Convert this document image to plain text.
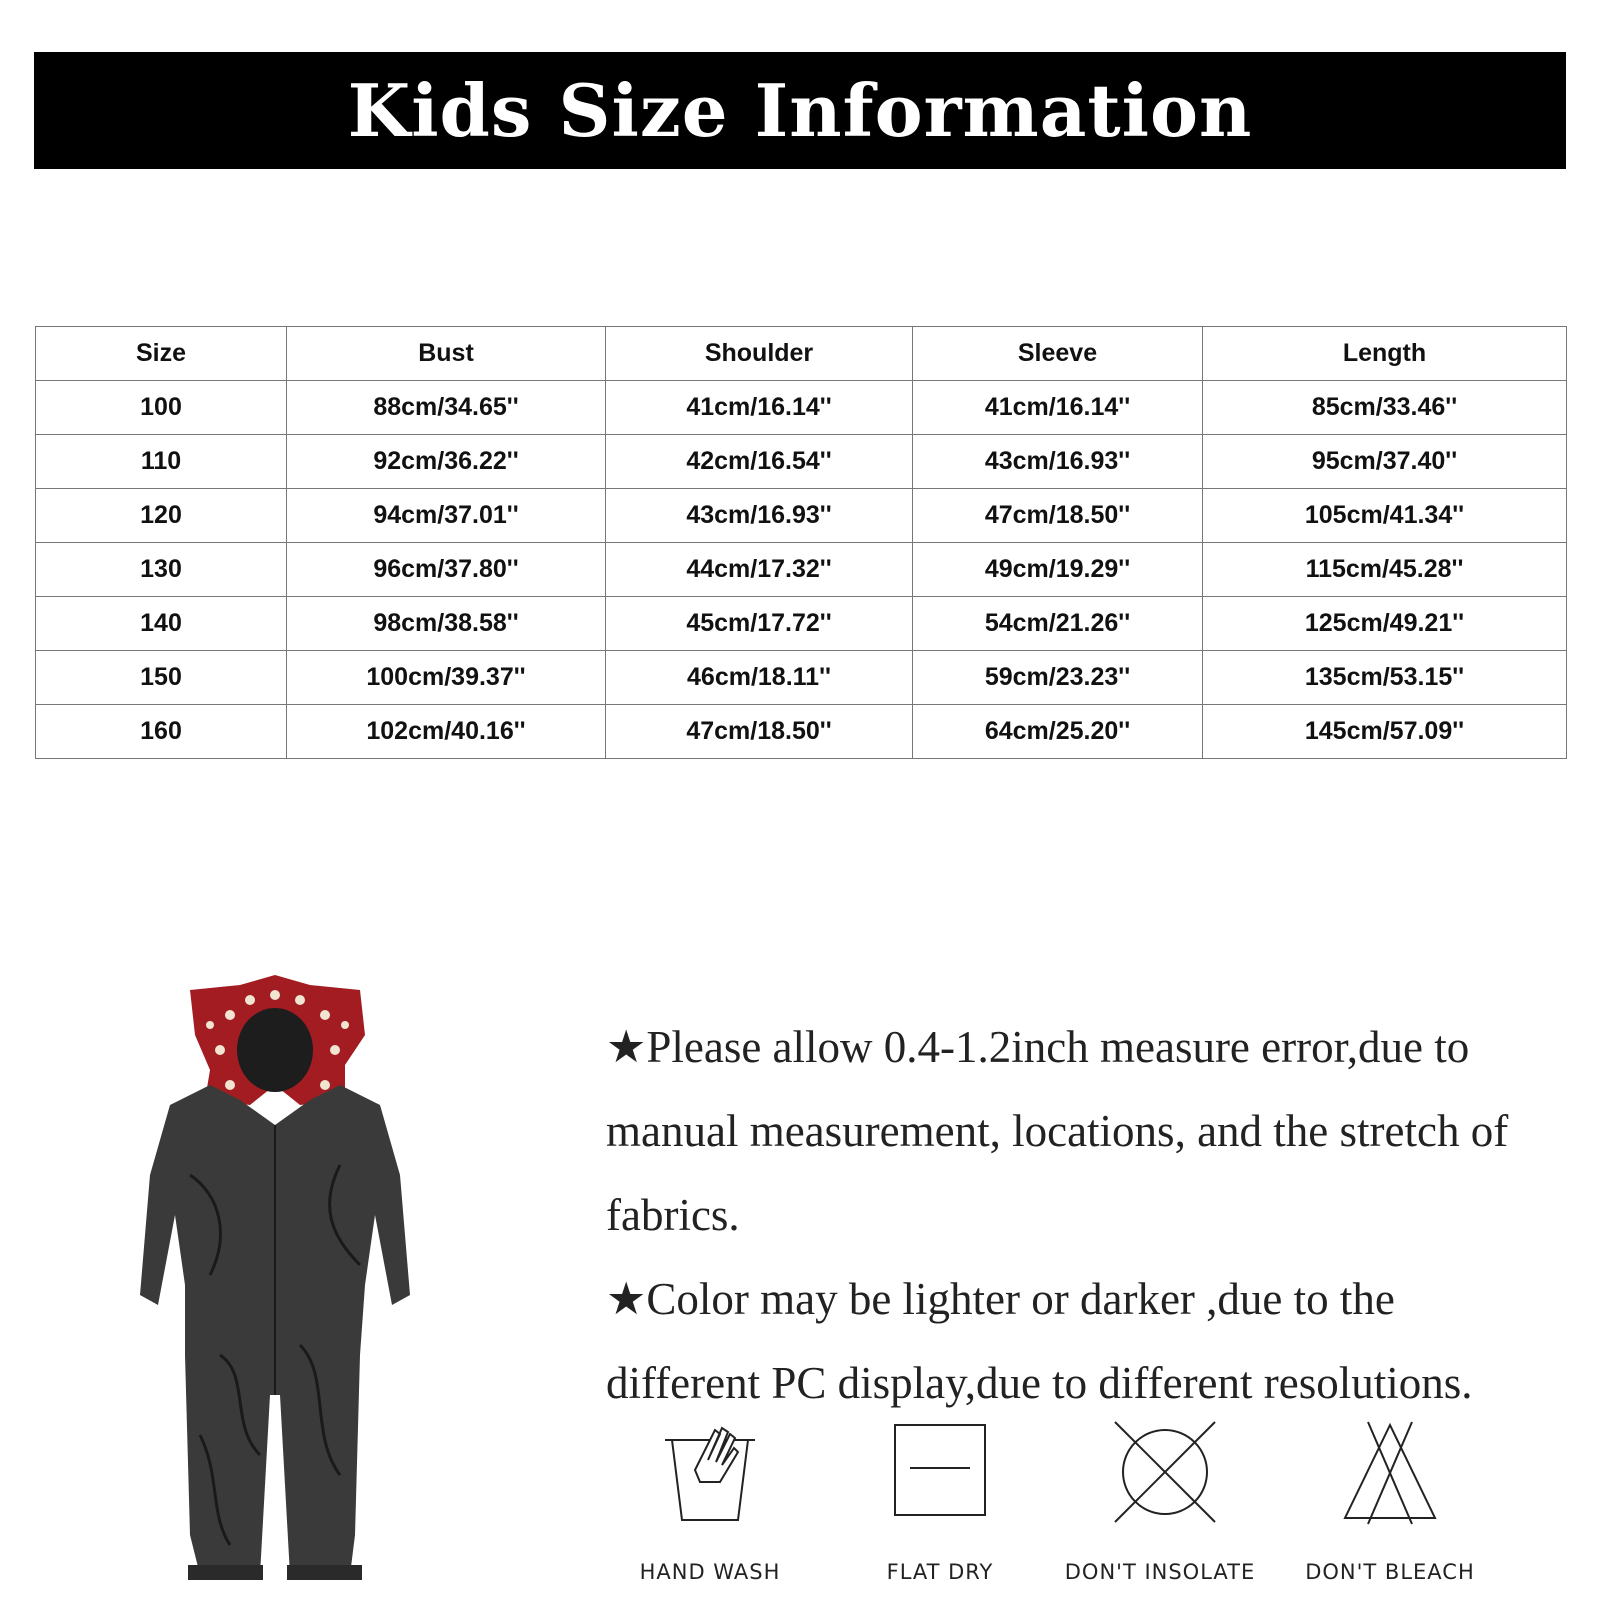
Kids Size Information
Size	Bust	Shoulder	Sleeve	Length
100	88cm/34.65''	41cm/16.14''	41cm/16.14''	85cm/33.46''
110	92cm/36.22''	42cm/16.54''	43cm/16.93''	95cm/37.40''
120	94cm/37.01''	43cm/16.93''	47cm/18.50''	105cm/41.34''
130	96cm/37.80''	44cm/17.32''	49cm/19.29''	115cm/45.28''
140	98cm/38.58''	45cm/17.72''	54cm/21.26''	125cm/49.21''
150	100cm/39.37''	46cm/18.11''	59cm/23.23''	135cm/53.15''
160	102cm/40.16''	47cm/18.50''	64cm/25.20''	145cm/57.09''

★Please allow 0.4-1.2inch measure error,due to manual measurement, locations, and the stretch of fabrics.

★Color may be lighter or darker ,due to the different PC display,due to different resolutions.

HAND WASH	FLAT DRY	DON'T INSOLATE	DON'T BLEACH
